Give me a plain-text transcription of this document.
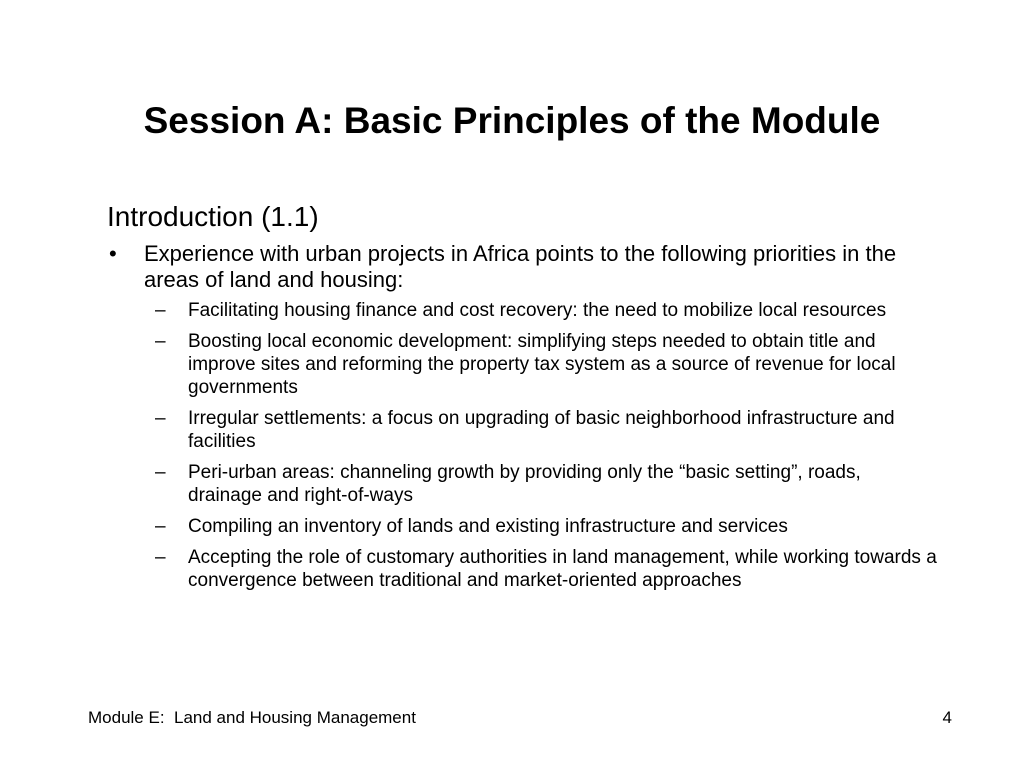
Session A: Basic Principles of the Module
Introduction (1.1)
• Experience with urban projects in Africa points to the following priorities in the areas of land and housing:
– Facilitating housing finance and cost recovery: the need to mobilize local resources
– Boosting local economic development: simplifying steps needed to obtain title and improve sites and reforming the property tax system as a source of revenue for local governments
– Irregular settlements: a focus on upgrading of basic neighborhood infrastructure and facilities
– Peri-urban areas: channeling growth by providing only the “basic setting”, roads, drainage and right-of-ways
– Compiling an inventory of lands and existing infrastructure and services
– Accepting the role of customary authorities in land management, while working towards a convergence between traditional and market-oriented approaches
Module E:  Land and Housing Management	4
